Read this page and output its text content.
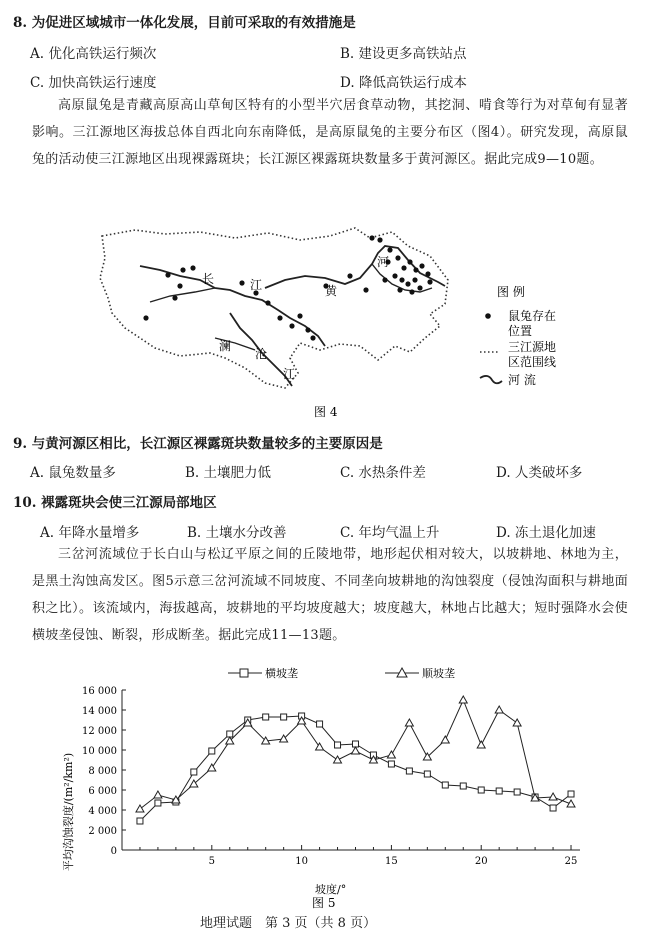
8. 为促进区域城市一体化发展，目前可采取的有效措施是
A. 优化高铁运行频次	B. 建设更多高铁站点
C. 加快高铁运行速度	D. 降低高铁运行成本
高原鼠兔是青藏高原高山草甸区特有的小型半穴居食草动物，其挖洞、啃食等行为对草甸有显著影响。三江源地区海拔总体自西北向东南降低，是高原鼠兔的主要分布区（图4）。研究发现，高原鼠兔的活动使三江源地区出现裸露斑块；长江源区裸露斑块数量多于黄河源区。据此完成9—10题。
河
黄
长	江
澜
沧
江
图 例
鼠兔存在
位置
三江源地
区范围线
河 流
图 4
9. 与黄河源区相比，长江源区裸露斑块数量较多的主要原因是
A. 鼠兔数量多	B. 土壤肥力低	C. 水热条件差	D. 人类破坏多
10. 裸露斑块会使三江源局部地区
A. 年降水量增多	B. 土壤水分改善	C. 年均气温上升	D. 冻土退化加速
三岔河流域位于长白山与松辽平原之间的丘陵地带，地形起伏相对较大，以坡耕地、林地为主，是黑土沟蚀高发区。图5示意三岔河流域不同坡度、不同垄向坡耕地的沟蚀裂度（侵蚀沟面积与耕地面积之比）。该流域内，海拔越高，坡耕地的平均坡度越大；坡度越大，林地占比越大；短时强降水会使横坡垄侵蚀、断裂，形成断垄。据此完成11—13题。
横坡垄	顺坡垄
坡度/°
平均沟蚀裂度/(m²/km²)
图 5
0
2 000
4 000
6 000
8 000
10 000
12 000
14 000
16 000
5	10	15	20	25
地理试题　第 3 页（共 8 页）
